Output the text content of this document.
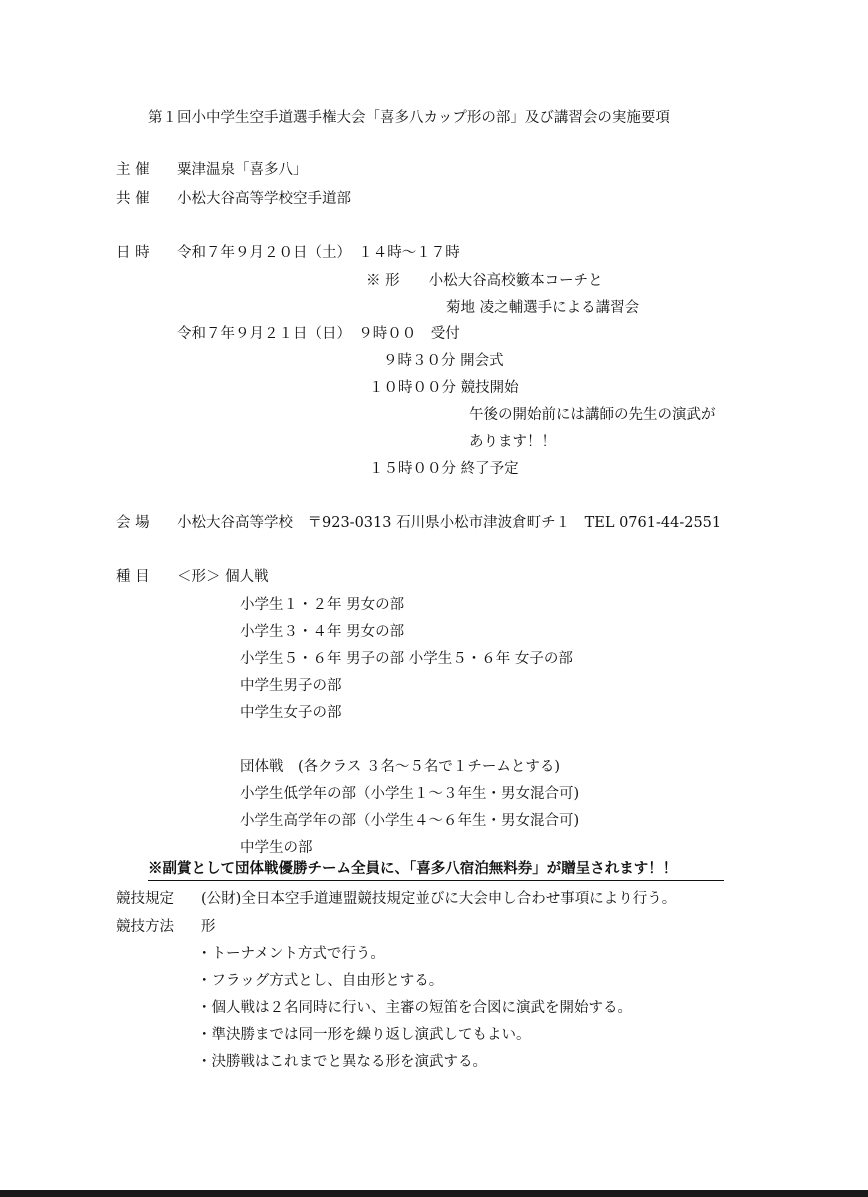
第１回小中学生空手道選手権大会「喜多八カップ形の部」及び講習会の実施要項
主 催 粟津温泉「喜多八」
共 催 小松大谷高等学校空手道部
日 時 令和７年９月２０日（土）　１４時～１７時
※ 形　　小松大谷高校籔本コーチと
菊地 凌之輔選手による講習会
令和７年９月２１日（日）　９時００　受付
９時３０分 開会式
１０時００分 競技開始
午後の開始前には講師の先生の演武が
あります！！
１５時００分 終了予定
会 場 小松大谷高等学校　〒923-0313 石川県小松市津波倉町チ１　TEL 0761-44-2551
種 目 ＜形＞ 個人戦
小学生１・２年 男女の部
小学生３・４年 男女の部
小学生５・６年 男子の部 小学生５・６年 女子の部
中学生男子の部
中学生女子の部
団体戦　(各クラス ３名～５名で１チームとする)
小学生低学年の部（小学生１～３年生・男女混合可)
小学生高学年の部（小学生４～６年生・男女混合可)
中学生の部
※副賞として団体戦優勝チーム全員に、「喜多八宿泊無料券」が贈呈されます！！
競技規定 (公財)全日本空手道連盟競技規定並びに大会申し合わせ事項により行う。
競技方法 形
・トーナメント方式で行う。
・フラッグ方式とし、自由形とする。
・個人戦は２名同時に行い、主審の短笛を合図に演武を開始する。
・準決勝までは同一形を繰り返し演武してもよい。
・決勝戦はこれまでと異なる形を演武する。
